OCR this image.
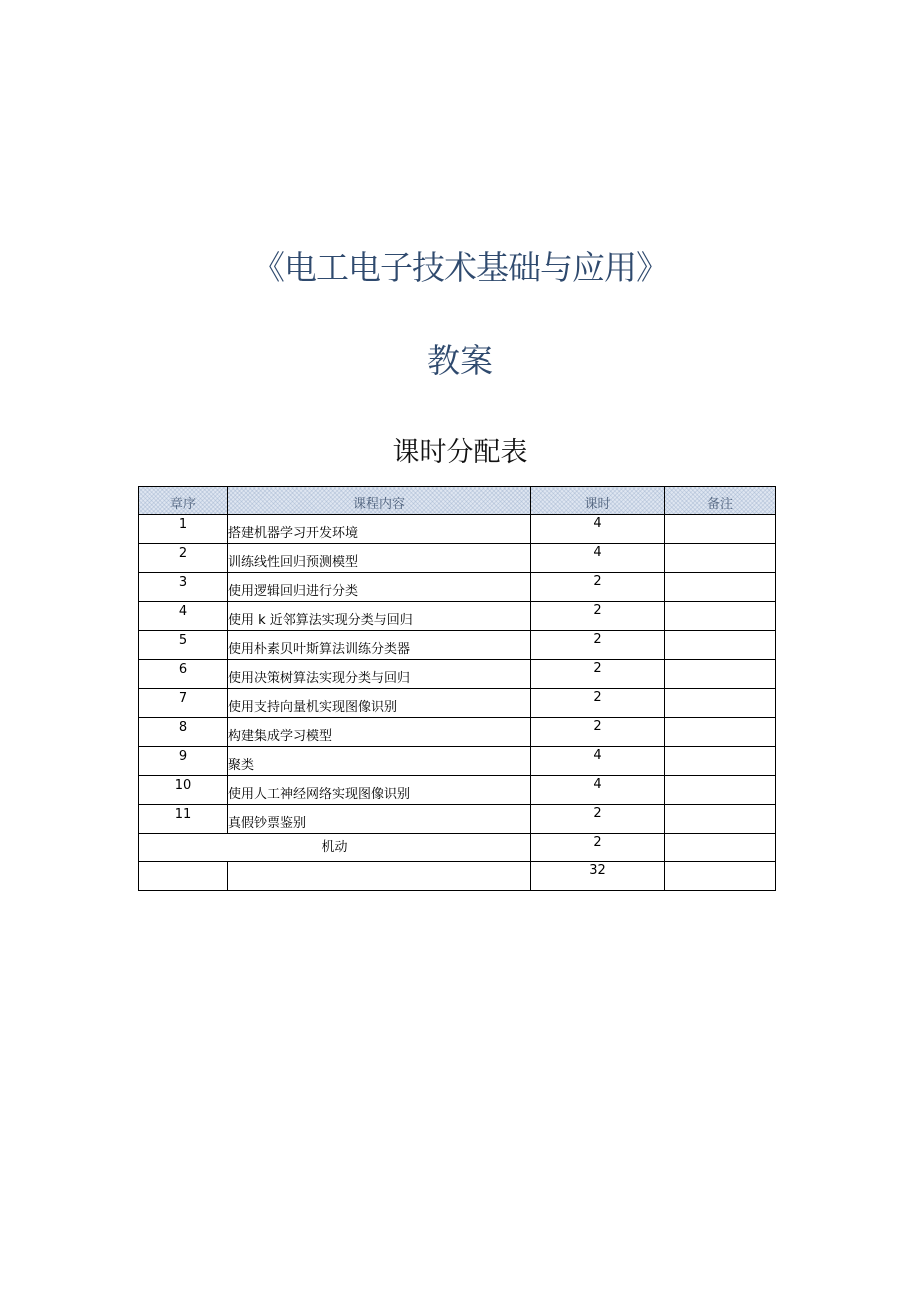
《电工电子技术基础与应用》
教案
课时分配表
章序	课程内容	课时	备注
1	搭建机器学习开发环境	4	
2	训练线性回归预测模型	4	
3	使用逻辑回归进行分类	2	
4	使用 k 近邻算法实现分类与回归	2	
5	使用朴素贝叶斯算法训练分类器	2	
6	使用决策树算法实现分类与回归	2	
7	使用支持向量机实现图像识别	2	
8	构建集成学习模型	2	
9	聚类	4	
10	使用人工神经网络实现图像识别	4	
11	真假钞票鉴别	2	
机动		2	
		32	
